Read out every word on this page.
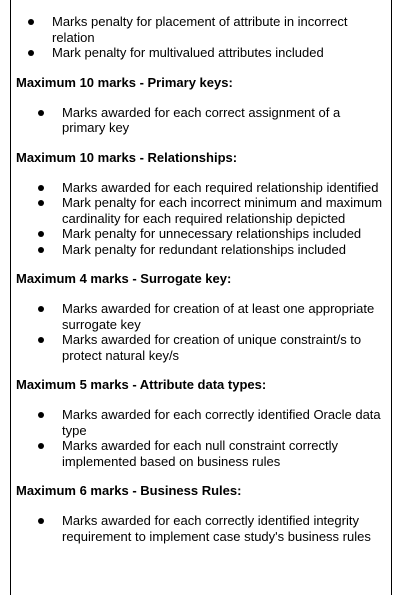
Marks penalty for placement of attribute in incorrect relation
Mark penalty for multivalued attributes included

Maximum 10 marks - Primary keys:

Marks awarded for each correct assignment of a primary key

Maximum 10 marks - Relationships:

Marks awarded for each required relationship identified
Mark penalty for each incorrect minimum and maximum cardinality for each required relationship depicted
Mark penalty for unnecessary relationships included
Mark penalty for redundant relationships included

Maximum 4 marks - Surrogate key:

Marks awarded for creation of at least one appropriate surrogate key
Marks awarded for creation of unique constraint/s to protect natural key/s

Maximum 5 marks - Attribute data types:

Marks awarded for each correctly identified Oracle data type
Marks awarded for each null constraint correctly implemented based on business rules

Maximum 6 marks - Business Rules:

Marks awarded for each correctly identified integrity requirement to implement case study's business rules
